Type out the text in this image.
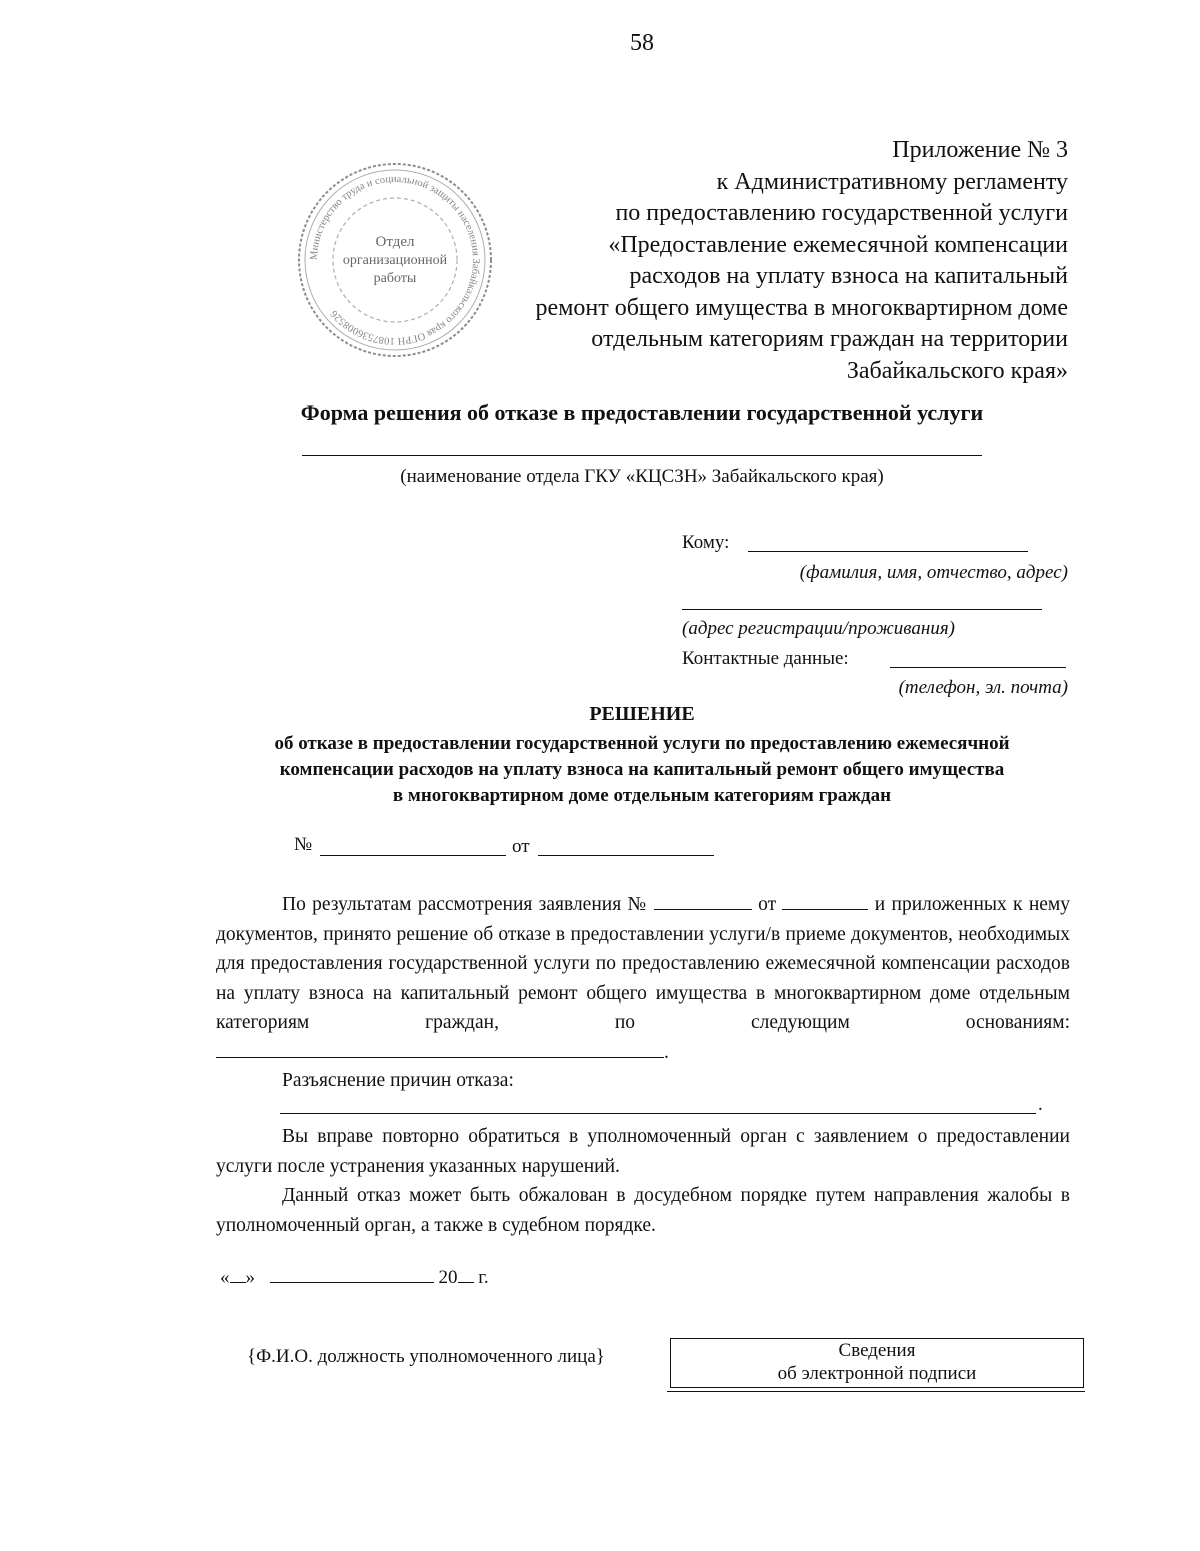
58
Министерство труда и социальной защиты населения Забайкальского края ОГРН 1087536008526
Отдел
организационной
работы
Приложение № 3
к Административному регламенту
по предоставлению государственной услуги
«Предоставление ежемесячной компенсации
расходов на уплату взноса на капитальный
ремонт общего имущества в многоквартирном доме
отдельным категориям граждан на территории
Забайкальского края»
Форма решения об отказе в предоставлении государственной услуги
(наименование отдела ГКУ «КЦСЗН» Забайкальского края)
Кому:
(фамилия, имя, отчество, адрес)
(адрес регистрации/проживания)
Контактные данные:
(телефон, эл. почта)
РЕШЕНИЕ
об отказе в предоставлении государственной услуги по предоставлению ежемесячной
компенсации расходов на уплату взноса на капитальный ремонт общего имущества
в многоквартирном доме отдельным категориям граждан
№	от
По результатам рассмотрения заявления №	от	и приложенных к нему документов, принято решение об отказе в предоставлении услуги/в приеме документов, необходимых для предоставления государственной услуги по предоставлению ежемесячной компенсации расходов на уплату взноса на капитальный ремонт общего имущества в многоквартирном доме отдельным категориям граждан, по следующим основаниям: .
Разъяснение причин отказа:
.
Вы вправе повторно обратиться в уполномоченный орган с заявлением о предоставлении услуги после устранения указанных нарушений.
Данный отказ может быть обжалован в досудебном порядке путем направления жалобы в уполномоченный орган, а также в судебном порядке.
« »	20 г.
{Ф.И.О. должность уполномоченного лица}	Сведения
об электронной подписи
